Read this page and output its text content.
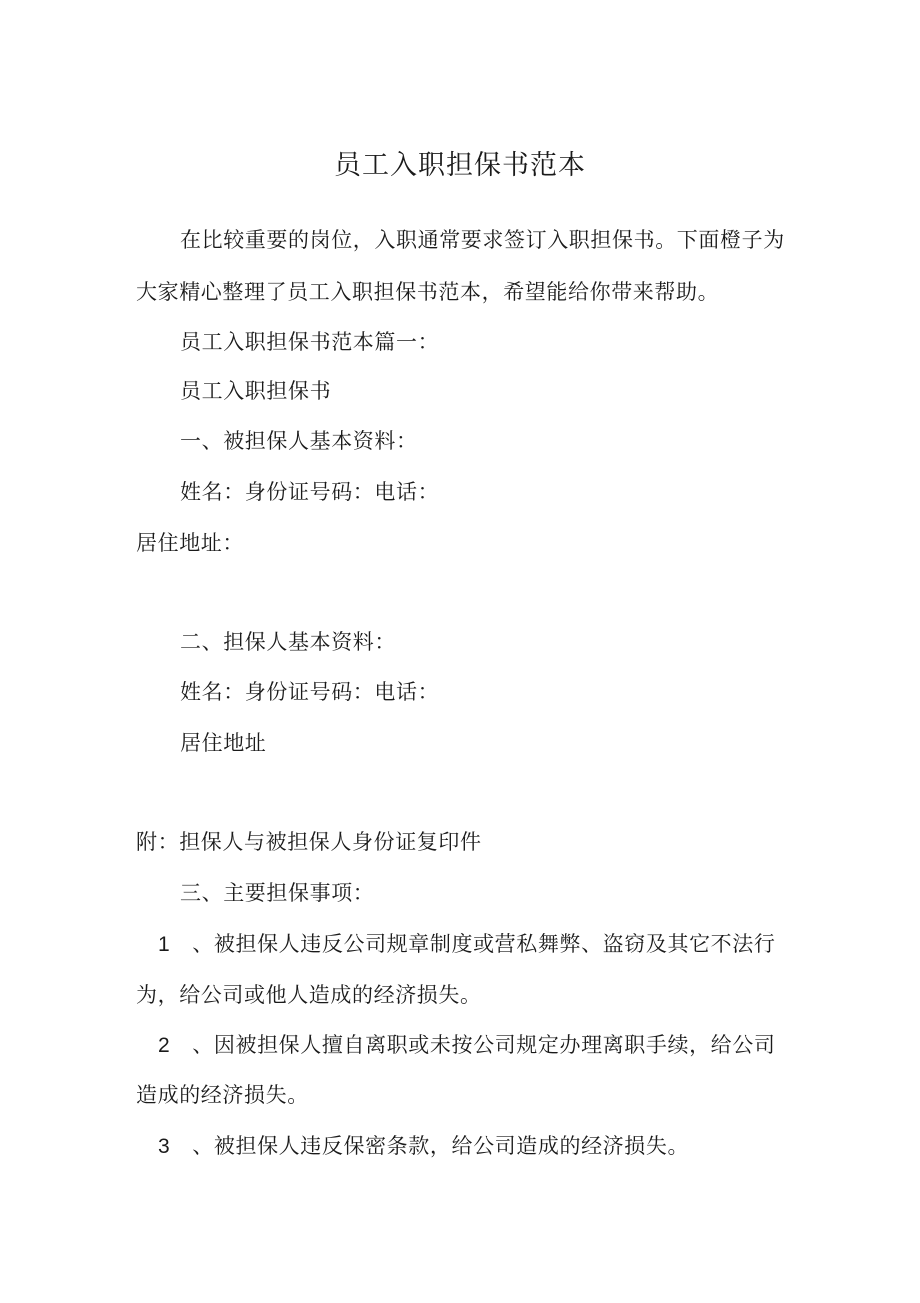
员工入职担保书范本
在比较重要的岗位，入职通常要求签订入职担保书。下面橙子为
大家精心整理了员工入职担保书范本，希望能给你带来帮助。
员工入职担保书范本篇一：
员工入职担保书
一、被担保人基本资料：
姓名：身份证号码：电话：
居住地址：
二、担保人基本资料：
姓名：身份证号码：电话：
居住地址
附：担保人与被担保人身份证复印件
三、主要担保事项：
1 、被担保人违反公司规章制度或营私舞弊、盗窃及其它不法行
为，给公司或他人造成的经济损失。
2 、因被担保人擅自离职或未按公司规定办理离职手续，给公司
造成的经济损失。
3 、被担保人违反保密条款，给公司造成的经济损失。
